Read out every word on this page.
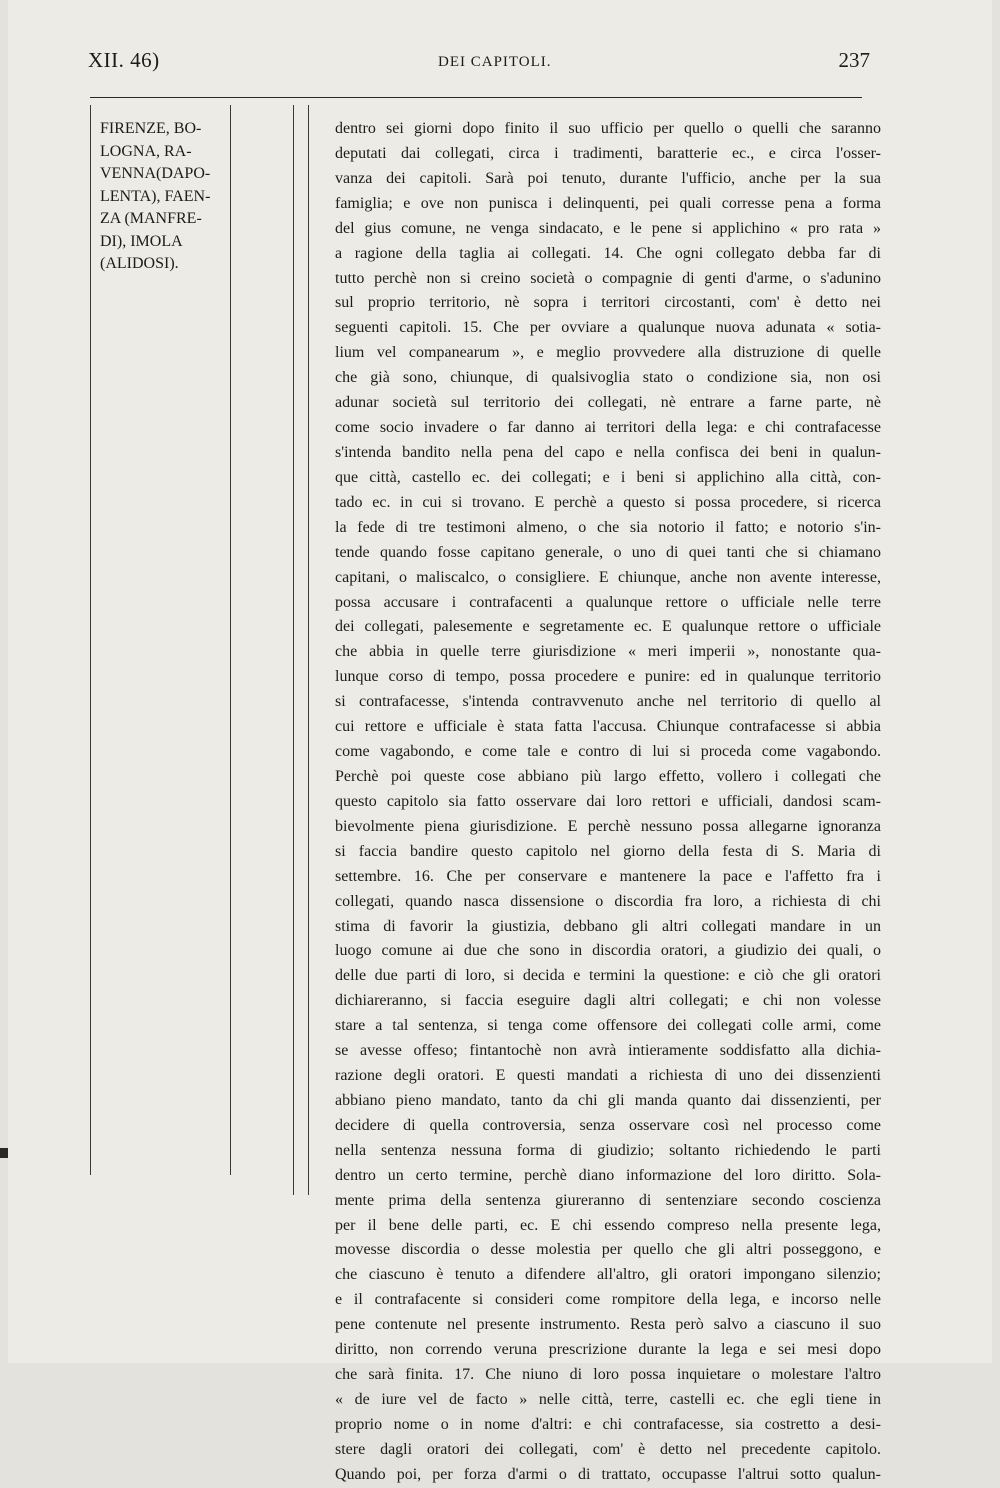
XII. 46)	DEI CAPITOLI.	237
FIRENZE, BO-
LOGNA, RA-
VENNA(DAPO-
LENTA), FAEN-
ZA (MANFRE-
DI), IMOLA
(ALIDOSI).
dentro sei giorni dopo finito il suo ufficio per quello o quelli che saranno
deputati dai collegati, circa i tradimenti, baratterie ec., e circa l'osser-
vanza dei capitoli. Sarà poi tenuto, durante l'ufficio, anche per la sua
famiglia; e ove non punisca i delinquenti, pei quali corresse pena a forma
del gius comune, ne venga sindacato, e le pene si applichino « pro rata »
a ragione della taglia ai collegati. 14. Che ogni collegato debba far di
tutto perchè non si creino società o compagnie di genti d'arme, o s'adunino
sul proprio territorio, nè sopra i territori circostanti, com' è detto nei
seguenti capitoli. 15. Che per ovviare a qualunque nuova adunata « sotia-
lium vel companearum », e meglio provvedere alla distruzione di quelle
che già sono, chiunque, di qualsivoglia stato o condizione sia, non osi
adunar società sul territorio dei collegati, nè entrare a farne parte, nè
come socio invadere o far danno ai territori della lega: e chi contrafacesse
s'intenda bandito nella pena del capo e nella confisca dei beni in qualun-
que città, castello ec. dei collegati; e i beni si applichino alla città, con-
tado ec. in cui si trovano. E perchè a questo si possa procedere, si ricerca
la fede di tre testimoni almeno, o che sia notorio il fatto; e notorio s'in-
tende quando fosse capitano generale, o uno di quei tanti che si chiamano
capitani, o maliscalco, o consigliere. E chiunque, anche non avente interesse,
possa accusare i contrafacenti a qualunque rettore o ufficiale nelle terre
dei collegati, palesemente e segretamente ec. E qualunque rettore o ufficiale
che abbia in quelle terre giurisdizione « meri imperii », nonostante qua-
lunque corso di tempo, possa procedere e punire: ed in qualunque territorio
si contrafacesse, s'intenda contravvenuto anche nel territorio di quello al
cui rettore e ufficiale è stata fatta l'accusa. Chiunque contrafacesse si abbia
come vagabondo, e come tale e contro di lui si proceda come vagabondo.
Perchè poi queste cose abbiano più largo effetto, vollero i collegati che
questo capitolo sia fatto osservare dai loro rettori e ufficiali, dandosi scam-
bievolmente piena giurisdizione. E perchè nessuno possa allegarne ignoranza
si faccia bandire questo capitolo nel giorno della festa di S. Maria di
settembre. 16. Che per conservare e mantenere la pace e l'affetto fra i
collegati, quando nasca dissensione o discordia fra loro, a richiesta di chi
stima di favorir la giustizia, debbano gli altri collegati mandare in un
luogo comune ai due che sono in discordia oratori, a giudizio dei quali, o
delle due parti di loro, si decida e termini la questione: e ciò che gli oratori
dichiareranno, si faccia eseguire dagli altri collegati; e chi non volesse
stare a tal sentenza, si tenga come offensore dei collegati colle armi, come
se avesse offeso; fintantochè non avrà intieramente soddisfatto alla dichia-
razione degli oratori. E questi mandati a richiesta di uno dei dissenzienti
abbiano pieno mandato, tanto da chi gli manda quanto dai dissenzienti, per
decidere di quella controversia, senza osservare così nel processo come
nella sentenza nessuna forma di giudizio; soltanto richiedendo le parti
dentro un certo termine, perchè diano informazione del loro diritto. Sola-
mente prima della sentenza giureranno di sentenziare secondo coscienza
per il bene delle parti, ec. E chi essendo compreso nella presente lega,
movesse discordia o desse molestia per quello che gli altri posseggono, e
che ciascuno è tenuto a difendere all'altro, gli oratori impongano silenzio;
e il contrafacente si consideri come rompitore della lega, e incorso nelle
pene contenute nel presente instrumento. Resta però salvo a ciascuno il suo
diritto, non correndo veruna prescrizione durante la lega e sei mesi dopo
che sarà finita. 17. Che niuno di loro possa inquietare o molestare l'altro
« de iure vel de facto » nelle città, terre, castelli ec. che egli tiene in
proprio nome o in nome d'altri: e chi contrafacesse, sia costretto a desi-
stere dagli oratori dei collegati, com' è detto nel precedente capitolo.
Quando poi, per forza d'armi o di trattato, occupasse l'altrui sotto qualun-
